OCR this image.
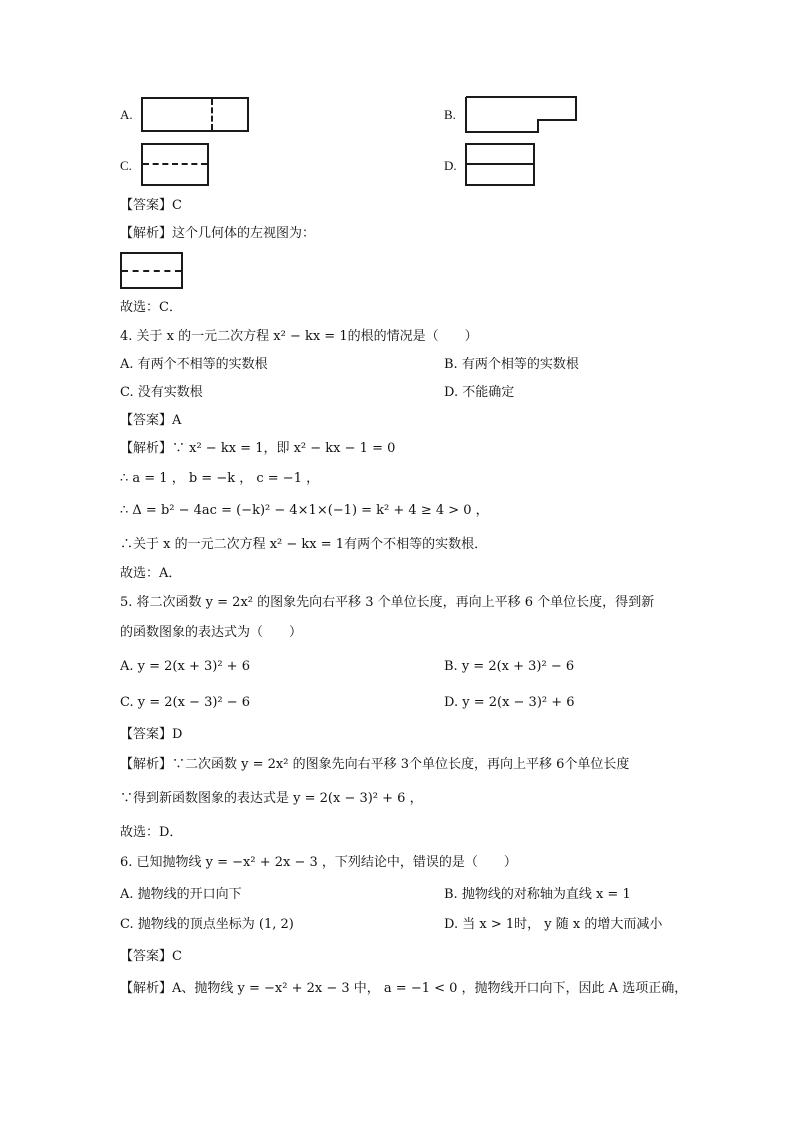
A.	B.
C.	D.
【答案】C
【解析】这个几何体的左视图为：
故选：C．
4. 关于 x 的一元二次方程 x² − kx = 1的根的情况是（　　）
A. 有两个不相等的实数根	B. 有两个相等的实数根
C. 没有实数根	D. 不能确定
【答案】A
【解析】∵ x² − kx = 1，即 x² − kx − 1 = 0
∴ a = 1 ， b = −k ， c = −1 ，
∴ Δ = b² − 4ac = (−k)² − 4×1×(−1) = k² + 4 ≥ 4 > 0 ，
∴关于 x 的一元二次方程 x² − kx = 1有两个不相等的实数根．
故选：A．
5. 将二次函数 y = 2x² 的图象先向右平移 3 个单位长度，再向上平移 6 个单位长度，得到新
的函数图象的表达式为（　　）
A. y = 2(x + 3)² + 6	B. y = 2(x + 3)² − 6
C. y = 2(x − 3)² − 6	D. y = 2(x − 3)² + 6
【答案】D
【解析】∵二次函数 y = 2x² 的图象先向右平移 3个单位长度，再向上平移 6个单位长度
∵得到新函数图象的表达式是 y = 2(x − 3)² + 6 ，
故选：D．
6. 已知抛物线 y = −x² + 2x − 3 ，下列结论中，错误的是（　　）
A. 抛物线的开口向下	B. 抛物线的对称轴为直线 x = 1
C. 抛物线的顶点坐标为 (1, 2)	D. 当 x > 1时， y 随 x 的增大而减小
【答案】C
【解析】A、抛物线 y = −x² + 2x − 3 中， a = −1 < 0 ，抛物线开口向下，因此 A 选项正确，
